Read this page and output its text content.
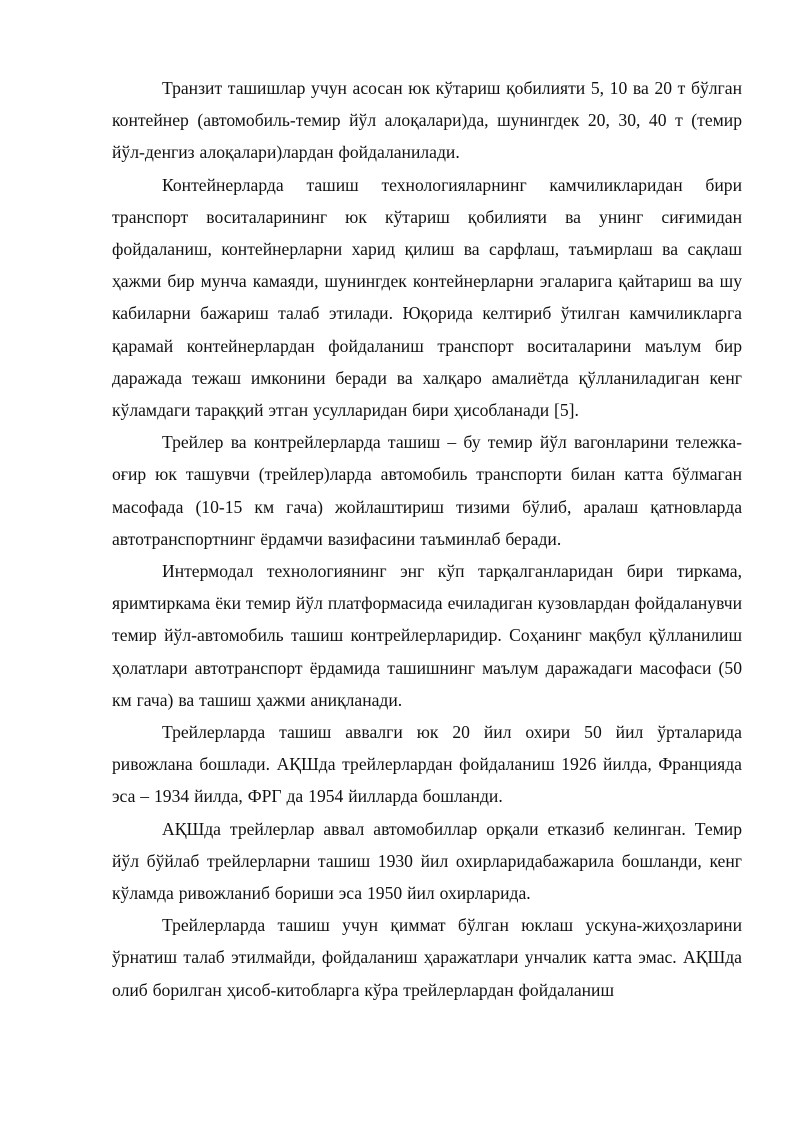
Транзит ташишлар учун асосан юк кўтариш қобилияти 5, 10 ва 20 т бўлган контейнер (автомобиль-темир йўл алоқалари)да, шунингдек 20, 30, 40 т (темир йўл-денгиз алоқалари)лардан фойдаланилади.

Контейнерларда ташиш технологияларнинг камчиликларидан бири транспорт воситаларининг юк кўтариш қобилияти ва унинг сиғимидан фойдаланиш, контейнерларни харид қилиш ва сарфлаш, таъмирлаш ва сақлаш ҳажми бир мунча камаяди, шунингдек контейнерларни эгаларига қайтариш ва шу кабиларни бажариш талаб этилади. Юқорида келтириб ўтилган камчиликларга қарамай контейнерлардан фойдаланиш транспорт воситаларини маълум бир даражада тежаш имконини беради ва халқаро амалиётда қўлланиладиган кенг кўламдаги тараққий этган усулларидан бири ҳисобланади [5].

Трейлер ва контрейлерларда ташиш – бу темир йўл вагонларини тележка-оғир юк ташувчи (трейлер)ларда автомобиль транспорти билан катта бўлмаган масофада (10-15 км гача) жойлаштириш тизими бўлиб, аралаш қатновларда автотранспортнинг ёрдамчи вазифасини таъминлаб беради.

Интермодал технологиянинг энг кўп тарқалганларидан бири тиркама, яримтиркама ёки темир йўл платформасида ечиладиган кузовлардан фойдаланувчи темир йўл-автомобиль ташиш контрейлерларидир. Соҳанинг мақбул қўлланилиш ҳолатлари автотранспорт ёрдамида ташишнинг маълум даражадаги масофаси (50 км гача) ва ташиш ҳажми аниқланади.

Трейлерларда ташиш аввалги юк 20 йил охири 50 йил ўрталарида ривожлана бошлади. АҚШда трейлерлардан фойдаланиш 1926 йилда, Францияда эса – 1934 йилда, ФРГ да 1954 йилларда бошланди.

АҚШда трейлерлар аввал автомобиллар орқали етказиб келинган. Темир йўл бўйлаб трейлерларни ташиш 1930 йил охирларидабажарила бошланди, кенг кўламда ривожланиб бориши эса 1950 йил охирларида.

Трейлерларда ташиш учун қиммат бўлган юклаш ускуна-жиҳозларини ўрнатиш талаб этилмайди, фойдаланиш ҳаражатлари унчалик катта эмас. АҚШда олиб борилган ҳисоб-китобларга кўра трейлерлардан фойдаланиш
